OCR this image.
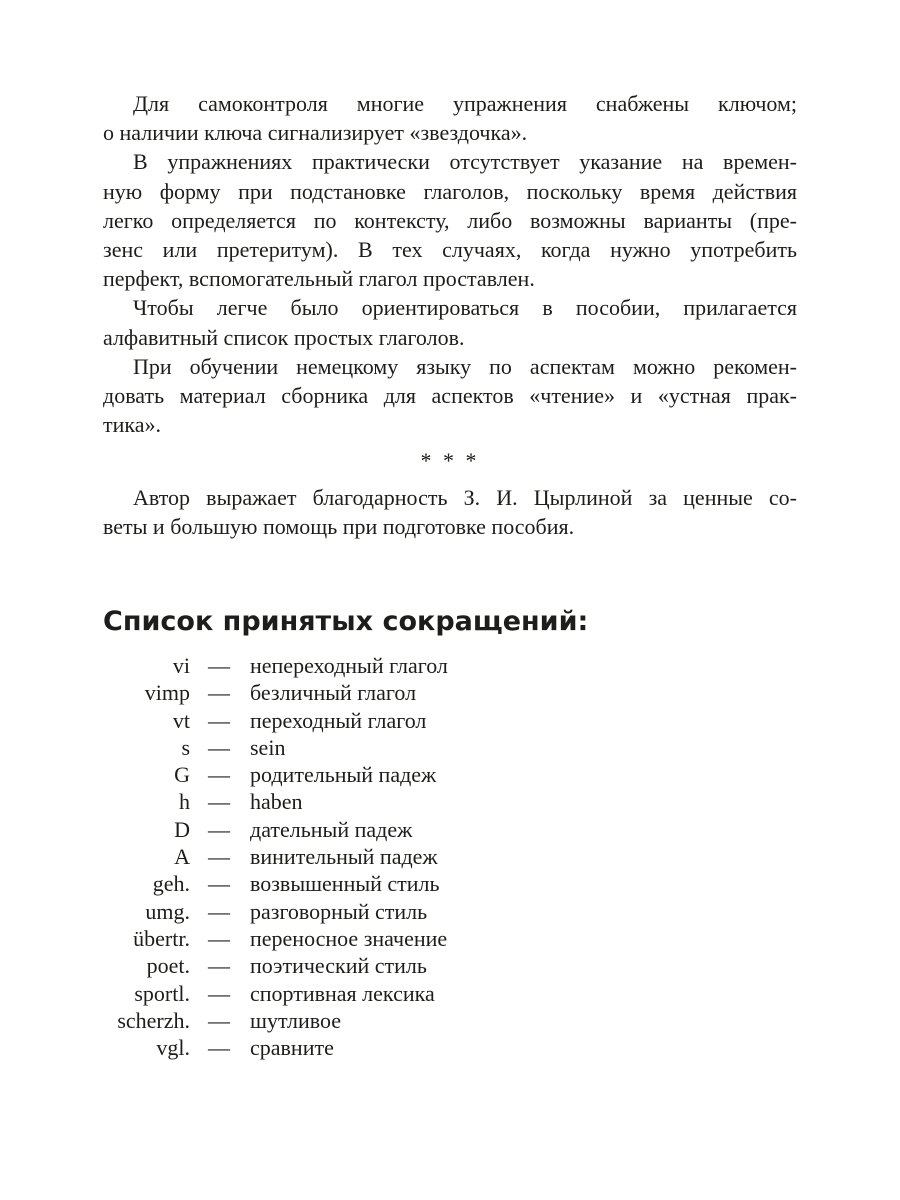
Для самоконтроля многие упражнения снабжены ключом;
о наличии ключа сигнализирует «звездочка».

В упражнениях практически отсутствует указание на времен-
ную форму при подстановке глаголов, поскольку время действия
легко определяется по контексту, либо возможны варианты (пре-
зенс или претеритум). В тех случаях, когда нужно употребить
перфект, вспомогательный глагол проставлен.

Чтобы легче было ориентироваться в пособии, прилагается
алфавитный список простых глаголов.

При обучении немецкому языку по аспектам можно рекомен-
довать материал сборника для аспектов «чтение» и «устная прак-
тика».

* * *

Автор выражает благодарность З. И. Цырлиной за ценные со-
веты и большую помощь при подготовке пособия.

Список принятых сокращений:
vi — непереходный глагол
vimp — безличный глагол
vt — переходный глагол
s — sein
G — родительный падеж
h — haben
D — дательный падеж
A — винительный падеж
geh. — возвышенный стиль
umg. — разговорный стиль
übertr. — переносное значение
poet. — поэтический стиль
sportl. — спортивная лексика
scherzh. — шутливое
vgl. — сравните
